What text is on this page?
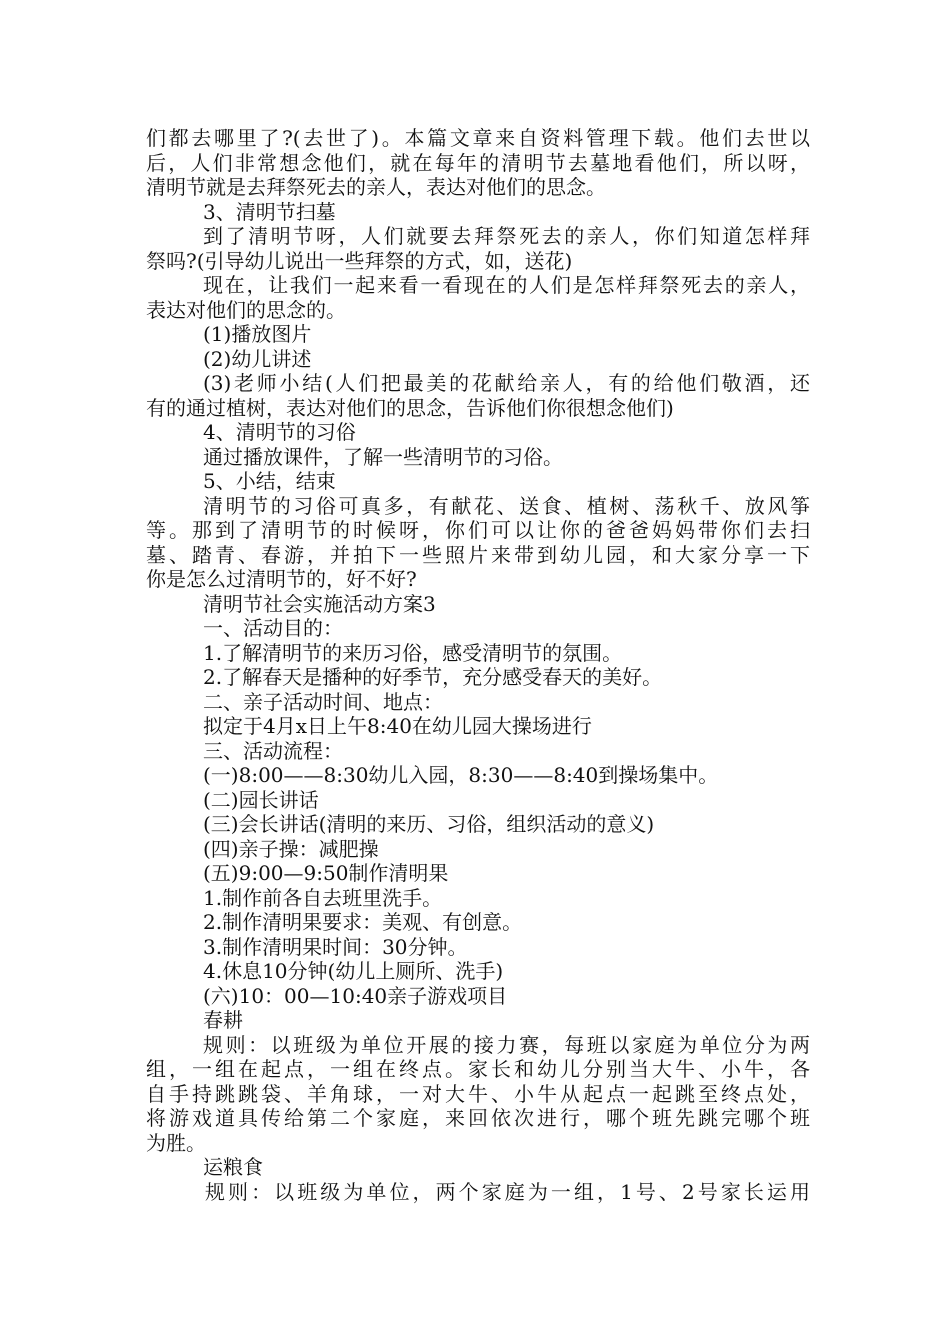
们都去哪里了?(去世了)。本篇文章来自资料管理下载。他们去世以
后，人们非常想念他们，就在每年的清明节去墓地看他们，所以呀，
清明节就是去拜祭死去的亲人，表达对他们的思念。
3、清明节扫墓
到了清明节呀，人们就要去拜祭死去的亲人，你们知道怎样拜
祭吗?(引导幼儿说出一些拜祭的方式，如，送花)
现在，让我们一起来看一看现在的人们是怎样拜祭死去的亲人，
表达对他们的思念的。
(1)播放图片
(2)幼儿讲述
(3)老师小结(人们把最美的花献给亲人，有的给他们敬酒，还
有的通过植树，表达对他们的思念，告诉他们你很想念他们)
4、清明节的习俗
通过播放课件，了解一些清明节的习俗。
5、小结，结束
清明节的习俗可真多，有献花、送食、植树、荡秋千、放风筝
等。那到了清明节的时候呀，你们可以让你的爸爸妈妈带你们去扫
墓、踏青、春游，并拍下一些照片来带到幼儿园，和大家分享一下
你是怎么过清明节的，好不好?
清明节社会实施活动方案3
一、活动目的：
1.了解清明节的来历习俗，感受清明节的氛围。
2.了解春天是播种的好季节，充分感受春天的美好。
二、亲子活动时间、地点：
拟定于4月x日上午8:40在幼儿园大操场进行
三、活动流程：
(一)8:00——8:30幼儿入园，8:30——8:40到操场集中。
(二)园长讲话
(三)会长讲话(清明的来历、习俗，组织活动的意义)
(四)亲子操：减肥操
(五)9:00—9:50制作清明果
1.制作前各自去班里洗手。
2.制作清明果要求：美观、有创意。
3.制作清明果时间：30分钟。
4.休息10分钟(幼儿上厕所、洗手)
(六)10：00—10:40亲子游戏项目
春耕
规则：以班级为单位开展的接力赛，每班以家庭为单位分为两
组，一组在起点，一组在终点。家长和幼儿分别当大牛、小牛，各
自手持跳跳袋、羊角球，一对大牛、小牛从起点一起跳至终点处，
将游戏道具传给第二个家庭，来回依次进行，哪个班先跳完哪个班
为胜。
运粮食
规则：以班级为单位，两个家庭为一组，1号、2号家长运用
